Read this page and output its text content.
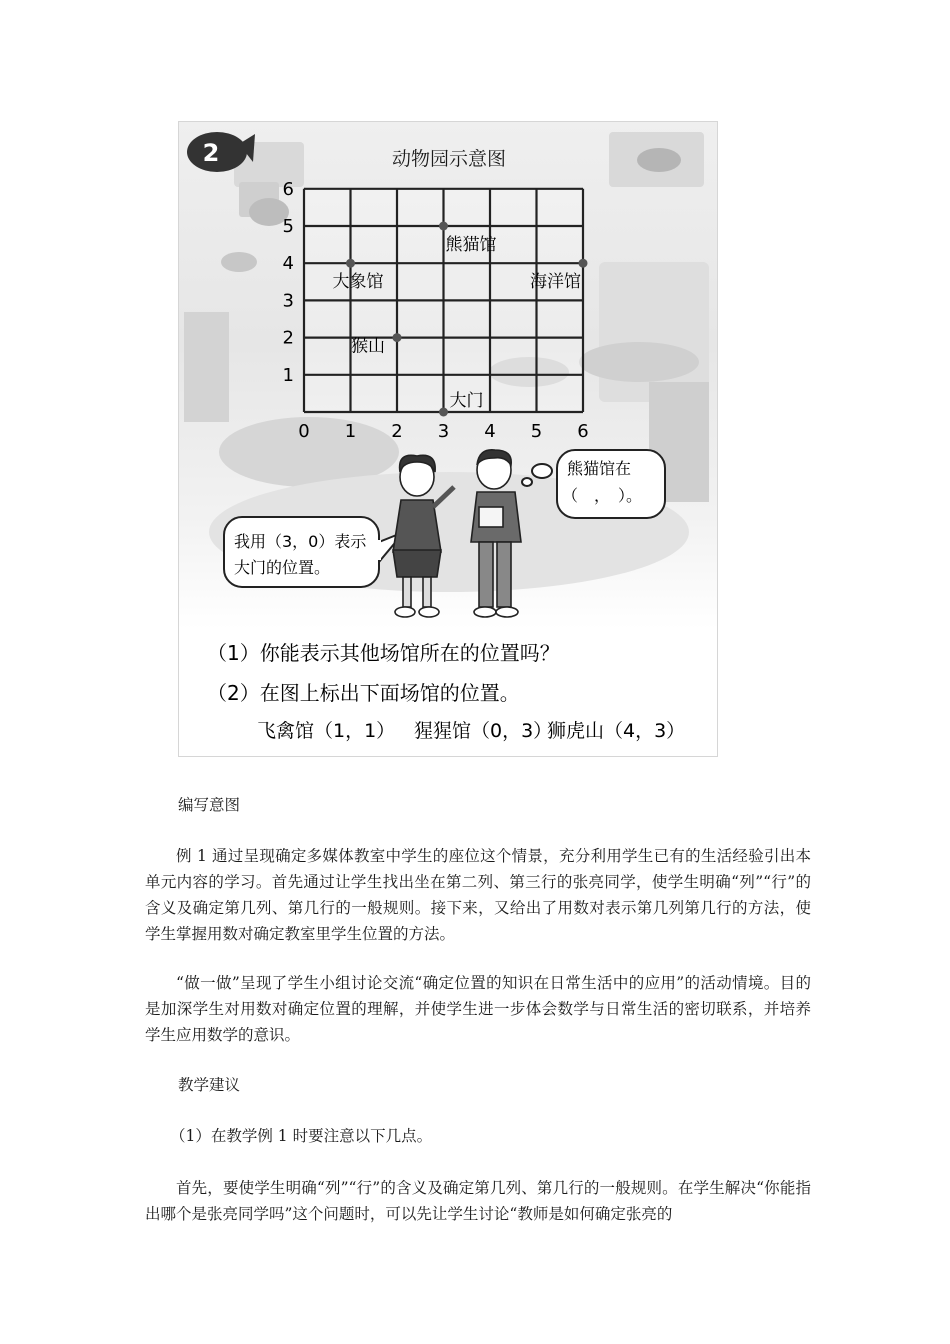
2	动物园示意图
0 1 2 3 4 5 6
1
2
3
4
5
6
熊猫馆
大象馆	海洋馆
猴山
大门
我用（3，0）表示
大门的位置。
熊猫馆在
（　，　）。
（1）你能表示其他场馆所在的位置吗？
（2）在图上标出下面场馆的位置。
飞禽馆（1，1） 猩猩馆（0，3）
狮虎山（4，3）

编写意图

例 1 通过呈现确定多媒体教室中学生的座位这个情景，充分利用学生已有的生活经验引出本单元内容的学习。首先通过让学生找出坐在第二列、第三行的张亮同学，使学生明确“列”“行”的含义及确定第几列、第几行的一般规则。接下来，又给出了用数对表示第几列第几行的方法，使学生掌握用数对确定教室里学生位置的方法。

“做一做”呈现了学生小组讨论交流“确定位置的知识在日常生活中的应用”的活动情境。目的是加深学生对用数对确定位置的理解，并使学生进一步体会数学与日常生活的密切联系，并培养学生应用数学的意识。

教学建议

（1）在教学例 1 时要注意以下几点。

首先，要使学生明确“列”“行”的含义及确定第几列、第几行的一般规则。在学生解决“你能指出哪个是张亮同学吗”这个问题时，可以先让学生讨论“教师是如何确定张亮的
